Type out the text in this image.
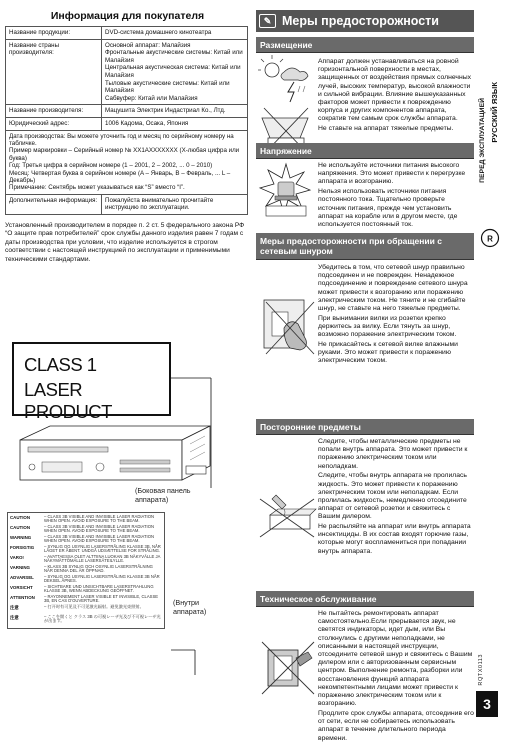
Информация для покупателя
Название продукции:	DVD-система домашнего кинотеатра
Название страны производителя:	Основной аппарат: Малайзия
Фронтальные акустические системы: Китай или Малайзия
Центральная акустическая система: Китай или Малайзия
Тыловые акустические системы: Китай или Малайзия
Сабвуфер: Китай или Малайзия

Название производителя:	Мацушита Электрик Индастриал Ко., Лтд.
Юридический адрес:	1006 Кадома, Осака, Япония

Дата производства: Вы можете уточнить год и месяц по серийному номеру на табличке.
Пример маркировки – Серийный номер № XX1AXXXXXXX (X-любая цифра или буква)
Год: Третья цифра в серийном номере (1 – 2001, 2 – 2002, ... 0 – 2010)
Месяц: Четвертая буква в серийном номере (A – Январь, B – Февраль, ... L – Декабрь)
Примечание: Сентябрь может указываться как “S” вместо “I”.	

Дополнительная информация:	Пожалуйста внимательно прочитайте инструкцию по эксплуатации.
Установленный производителем в порядке п. 2 ст. 5 федерального закона РФ “О защите прав потребителей” срок службы данного изделия равен 7 годам с даты производства при условии, что изделие используется в строгом соответствии с настоящей инструкцией по эксплуатации и применимыми техническими стандартами.
CLASS 1
LASER PRODUCT
(Боковая панель
аппарата)
(Внутри
аппарата)
CAUTION	– CLASS 3B VISIBLE AND INVISIBLE LASER RADIATION WHEN OPEN. AVOID EXPOSURE TO THE BEAM.
CAUTION	– CLASS 3B VISIBLE AND INVISIBLE LASER RADIATION WHEN OPEN. AVOID EXPOSURE TO THE BEAM.
WARNING	– CLASS 3B VISIBLE AND INVISIBLE LASER RADIATION WHEN OPEN. AVOID EXPOSURE TO THE BEAM.
FORSIGTIG	– SYNLIG OG USYNLIG LASERSTRÅLING KLASSE 3B, NÅR LÅGET ER ÅBENT. UNDGÅ UDSÆTTELSE FOR STRÅLING.
VARO!	– AVATTAESSA OLET ALTTIINA LUOKAN 3B NÄKYVÄLLE JA NÄKYMÄTTÖMÄLLE LASERSÄTEILYLLE.
VARNING	– KLASS 3B SYNLIG OCH OSYNLIG LASERSTRÅLNING NÄR DENNA DEL ÄR ÖPPNAD.
ADVARSEL	– SYNLIG OG USYNLIG LASERSTRÅLING KLASSE 3B NÅR DEKSEL ÅPNES.
VORSICHT	– SICHTBARE UND UNSICHTBARE LASERSTRAHLUNG KLASSE 3B, WENN ABDECKUNG GEÖFFNET.
ATTENTION	– RAYONNEMENT LASER VISIBLE ET INVISIBLE, CLASSE 3B, EN CAS D’OUVERTURE.
注意	– 打开时有可见及不可见激光辐射。避免激光束照射。
注意	– ここを開くと クラス 3B の可視レーザ光及び不可視レーザ光が出ます。
✎ Меры предосторожности
Размещение

Аппарат должен устанавливаться на ровной горизонтальной поверхности в местах, защищенных от воздействия прямых солнечных лучей, высоких температур, высокой влажности и сильной вибрации. Влияние вышеуказанных факторов может привести к повреждению корпуса и других компонентов аппарата, сократив тем самым срок службы аппарата.

Не ставьте на аппарат тяжелые предметы.

Напряжение

Не используйте источники питания высокого напряжения. Это может привести к перегрузке аппарата и возгоранию.

Нельзя использовать источники питания постоянного тока. Тщательно проверьте источник питания, прежде чем установить аппарат на корабле или в другом месте, где используется постоянный ток.

Меры предосторожности при обращении с сетевым шнуром

Убедитесь в том, что сетевой шнур правильно подсоединен и не поврежден. Ненадежное подсоединение и повреждение сетевого шнура может привести к возгоранию или поражению электрическим током. Не тяните и не сгибайте шнур, не ставьте на него тяжелые предметы.

При вынимании вилки из розетки крепко держитесь за вилку. Если тянуть за шнур, возможно поражение электрическим током.

Не прикасайтесь к сетевой вилке влажными руками. Это может привести к поражению электрическим током.

Посторонние предметы

Следите, чтобы металлические предметы не попали внутрь аппарата. Это может привести к поражению электрическим током или неполадкам.

Следите, чтобы внутрь аппарата не пролилась жидкость. Это может привести к поражению электрическим током или неполадкам. Если пролилась жидкость, немедленно отсоедините аппарат от сетевой розетки и свяжитесь с Вашим дилером.

Не распыляйте на аппарат или внутрь аппарата инсектициды. В их состав входят горючие газы, которые могут воспламениться при попадании внутрь аппарата.

Техническое обслуживание

Не пытайтесь ремонтировать аппарат самостоятельно.Если прерывается звук, не светятся индикаторы, идет дым, или Вы столкнулись с другими неполадками, не описанными в настоящей инструкции, отсоедините сетевой шнур и свяжитесь с Вашим дилером или с авторизованным сервисным центром. Выполнение ремонта, разборки или восстановления функций аппарата некомпетентными лицами может привести к поражению электрическим током или к возгоранию.

Продлите срок службы аппарата, отсоединив его от сети, если не собираетесь использовать аппарат в течение длительного периода времени.

РУССКИЙ ЯЗЫК
ПЕРЕД ЭКСПЛУАТАЦИЕЙ
R
RQTX0113
3
